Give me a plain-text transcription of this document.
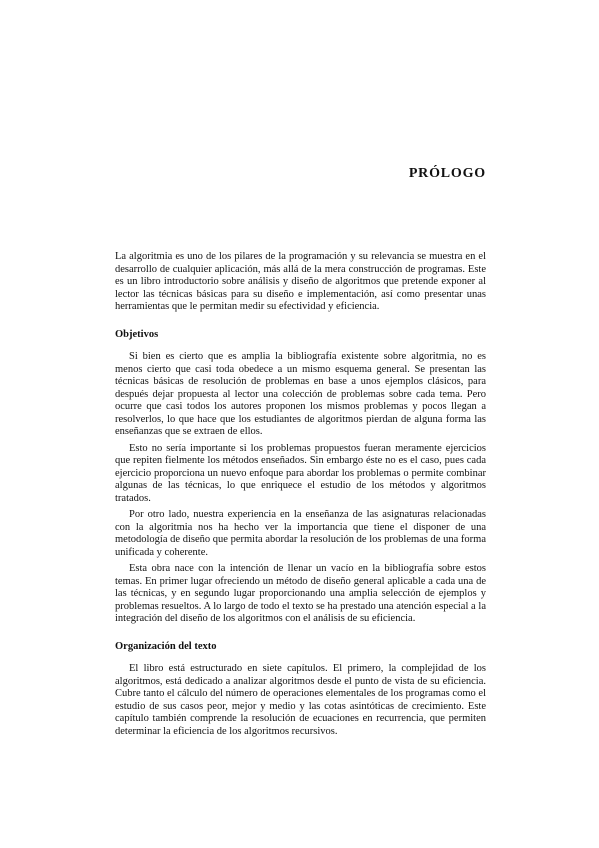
PRÓLOGO

La algoritmia es uno de los pilares de la programación y su relevancia se muestra en el desarrollo de cualquier aplicación, más allá de la mera construcción de programas. Este es un libro introductorio sobre análisis y diseño de algoritmos que pretende exponer al lector las técnicas básicas para su diseño e implementación, así como presentar unas herramientas que le permitan medir su efectividad y eficiencia.

Objetivos

Si bien es cierto que es amplia la bibliografía existente sobre algoritmia, no es menos cierto que casi toda obedece a un mismo esquema general. Se presentan las técnicas básicas de resolución de problemas en base a unos ejemplos clásicos, para después dejar propuesta al lector una colección de problemas sobre cada tema. Pero ocurre que casi todos los autores proponen los mismos problemas y pocos llegan a resolverlos, lo que hace que los estudiantes de algoritmos pierdan de alguna forma las enseñanzas que se extraen de ellos.

Esto no sería importante si los problemas propuestos fueran meramente ejercicios que repiten fielmente los métodos enseñados. Sin embargo éste no es el caso, pues cada ejercicio proporciona un nuevo enfoque para abordar los problemas o permite combinar algunas de las técnicas, lo que enriquece el estudio de los métodos y algoritmos tratados.

Por otro lado, nuestra experiencia en la enseñanza de las asignaturas relacionadas con la algoritmia nos ha hecho ver la importancia que tiene el disponer de una metodología de diseño que permita abordar la resolución de los problemas de una forma unificada y coherente.

Esta obra nace con la intención de llenar un vacío en la bibliografía sobre estos temas. En primer lugar ofreciendo un método de diseño general aplicable a cada una de las técnicas, y en segundo lugar proporcionando una amplia selección de ejemplos y problemas resueltos. A lo largo de todo el texto se ha prestado una atención especial a la integración del diseño de los algoritmos con el análisis de su eficiencia.

Organización del texto

El libro está estructurado en siete capítulos. El primero, la complejidad de los algoritmos, está dedicado a analizar algoritmos desde el punto de vista de su eficiencia. Cubre tanto el cálculo del número de operaciones elementales de los programas como el estudio de sus casos peor, mejor y medio y las cotas asintóticas de crecimiento. Este capítulo también comprende la resolución de ecuaciones en recurrencia, que permiten determinar la eficiencia de los algoritmos recursivos.
